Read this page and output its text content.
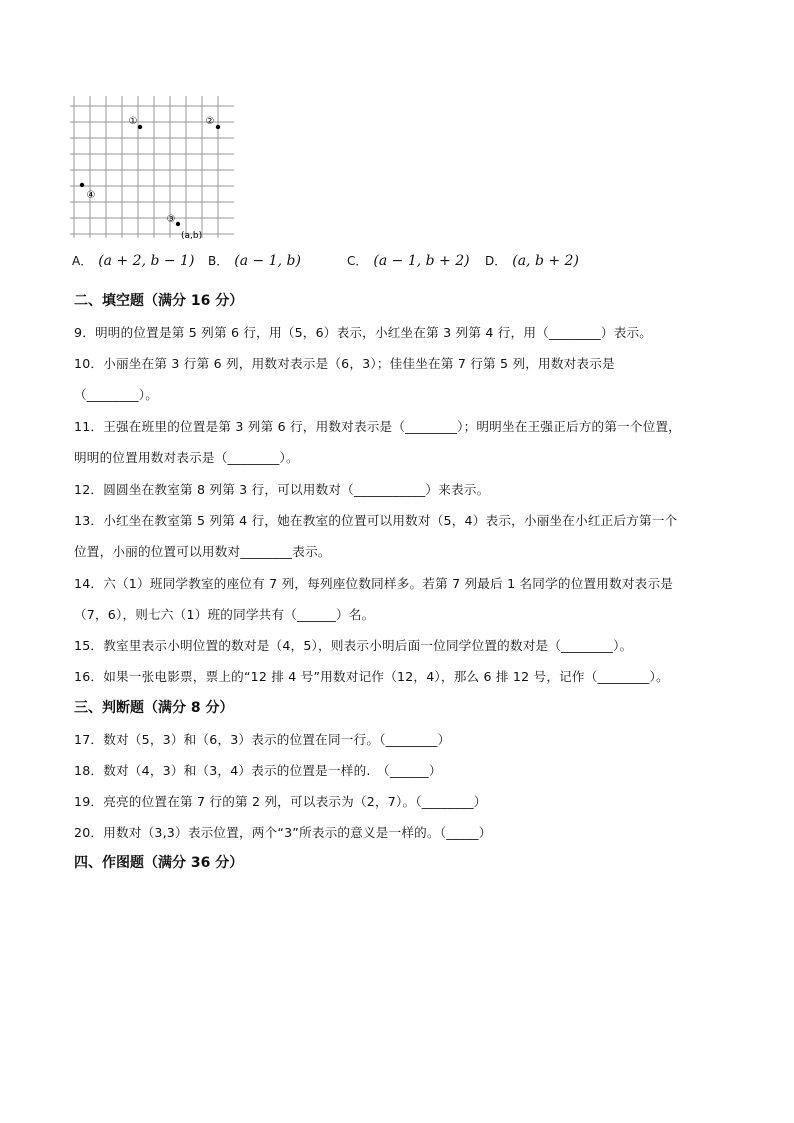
①	②
③
④
(a,b)
A． (a + 2, b − 1) B． (a − 1, b)	C． (a − 1, b + 2) D． (a, b + 2)
二、填空题（满分 16 分）
9．明明的位置是第 5 列第 6 行，用（5，6）表示，小红坐在第 3 列第 4 行，用（________）表示。
10．小丽坐在第 3 行第 6 列，用数对表示是（6，3）；佳佳坐在第 7 行第 5 列，用数对表示是
（________）。
11．王强在班里的位置是第 3 列第 6 行，用数对表示是（________）；明明坐在王强正后方的第一个位置，
明明的位置用数对表示是（________）。
12．圆圆坐在教室第 8 列第 3 行，可以用数对（___________）来表示。
13．小红坐在教室第 5 列第 4 行，她在教室的位置可以用数对（5，4）表示，小丽坐在小红正后方第一个
位置，小丽的位置可以用数对________表示。
14．六（1）班同学教室的座位有 7 列，每列座位数同样多。若第 7 列最后 1 名同学的位置用数对表示是
（7，6），则七六（1）班的同学共有（______）名。
15．教室里表示小明位置的数对是（4，5），则表示小明后面一位同学位置的数对是（________）。
16．如果一张电影票，票上的“12 排 4 号”用数对记作（12，4），那么 6 排 12 号，记作（________）。
三、判断题（满分 8 分）
17．数对（5，3）和（6，3）表示的位置在同一行。（________）
18．数对（4，3）和（3，4）表示的位置是一样的.　（______）
19．亮亮的位置在第 7 行的第 2 列，可以表示为（2，7）。（________）
20．用数对（3,3）表示位置，两个“3”所表示的意义是一样的。（_____）
四、作图题（满分 36 分）
